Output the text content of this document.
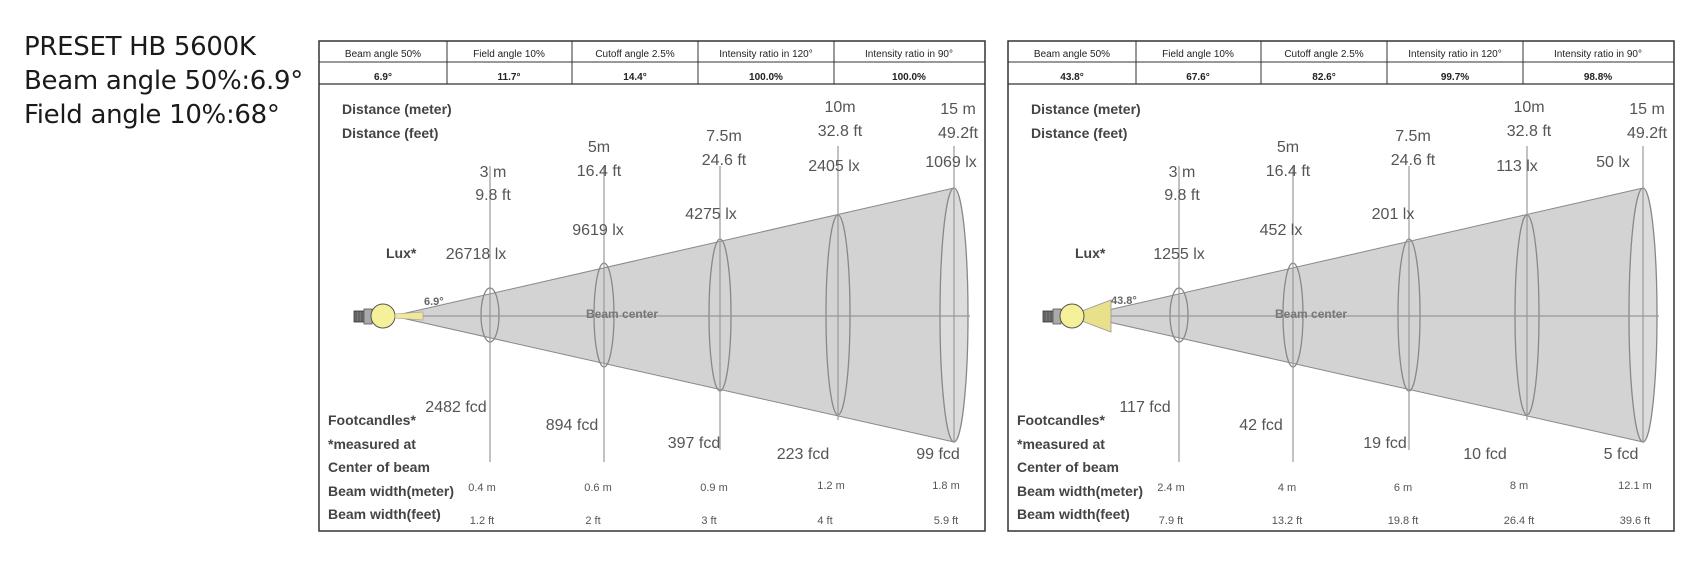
PRESET HB 5600K
Beam angle 50%:6.9°
Field angle 10%:68°
Beam angle 50%	Field angle 10%	Cutoff angle 2.5%	Intensity ratio in 120°	Intensity ratio in 90°
6.9°	11.7°	14.4°	100.0%	100.0%
Distance (meter)
Distance (feet)
Lux*
6.9°
Beam center
Footcandles*
*measured at
Center of beam
Beam width(meter)
Beam width(feet)
3 m
9.8 ft
26718 lx
2482 fcd
0.4 m
1.2 ft
5m
16.4 ft
9619 lx
894 fcd
0.6 m
2 ft
7.5m
24.6 ft
4275 lx
397 fcd
0.9 m
3 ft
10m
32.8 ft
2405 lx
223 fcd
1.2 m
4 ft
15 m
49.2ft
1069 lx
99 fcd
1.8 m
5.9 ft
Beam angle 50%	Field angle 10%	Cutoff angle 2.5%	Intensity ratio in 120°	Intensity ratio in 90°
43.8°	67.6°	82.6°	99.7%	98.8%
Distance (meter)
Distance (feet)
Lux*
43.8°
Beam center
Footcandles*
*measured at
Center of beam
Beam width(meter)
Beam width(feet)
3 m
9.8 ft
1255 lx
117 fcd
2.4 m
7.9 ft
5m
16.4 ft
452 lx
42 fcd
4 m
13.2 ft
7.5m
24.6 ft
201 lx
19 fcd
6 m
19.8 ft
10m
32.8 ft
113 lx
10 fcd
8 m
26.4 ft
15 m
49.2ft
50 lx
5 fcd
12.1 m
39.6 ft
